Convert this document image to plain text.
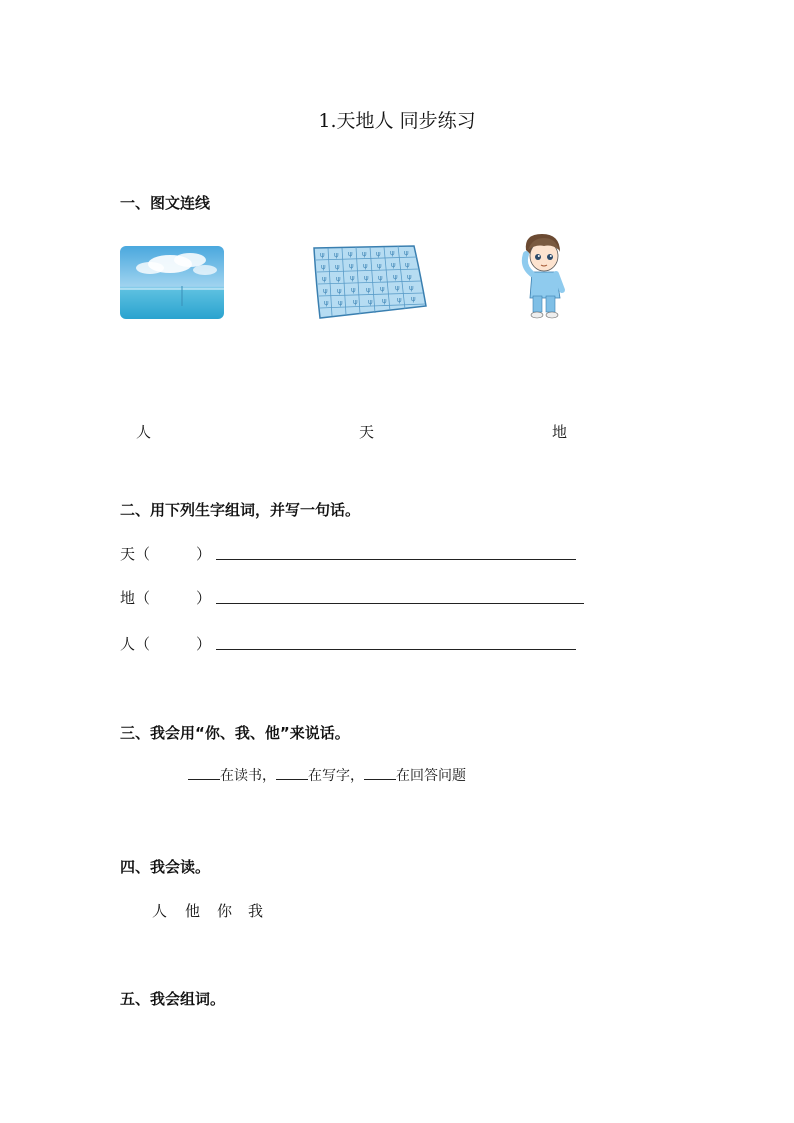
1.天地人 同步练习
一、图文连线
ψ ψ ψ ψ ψ ψ ψ
ψ ψ ψ ψ ψ ψ ψ
ψ ψ ψ ψ ψ ψ ψ
ψ ψ ψ ψ ψ ψ ψ
ψ ψ ψ ψ ψ ψ ψ
人	天	地
二、用下列生字组词，并写一句话。
天（	）
地（	）
人（	）
三、我会用“你、我、他”来说话。
在读书， 在写字， 在回答问题
四、我会读。
人 他 你 我
五、我会组词。
